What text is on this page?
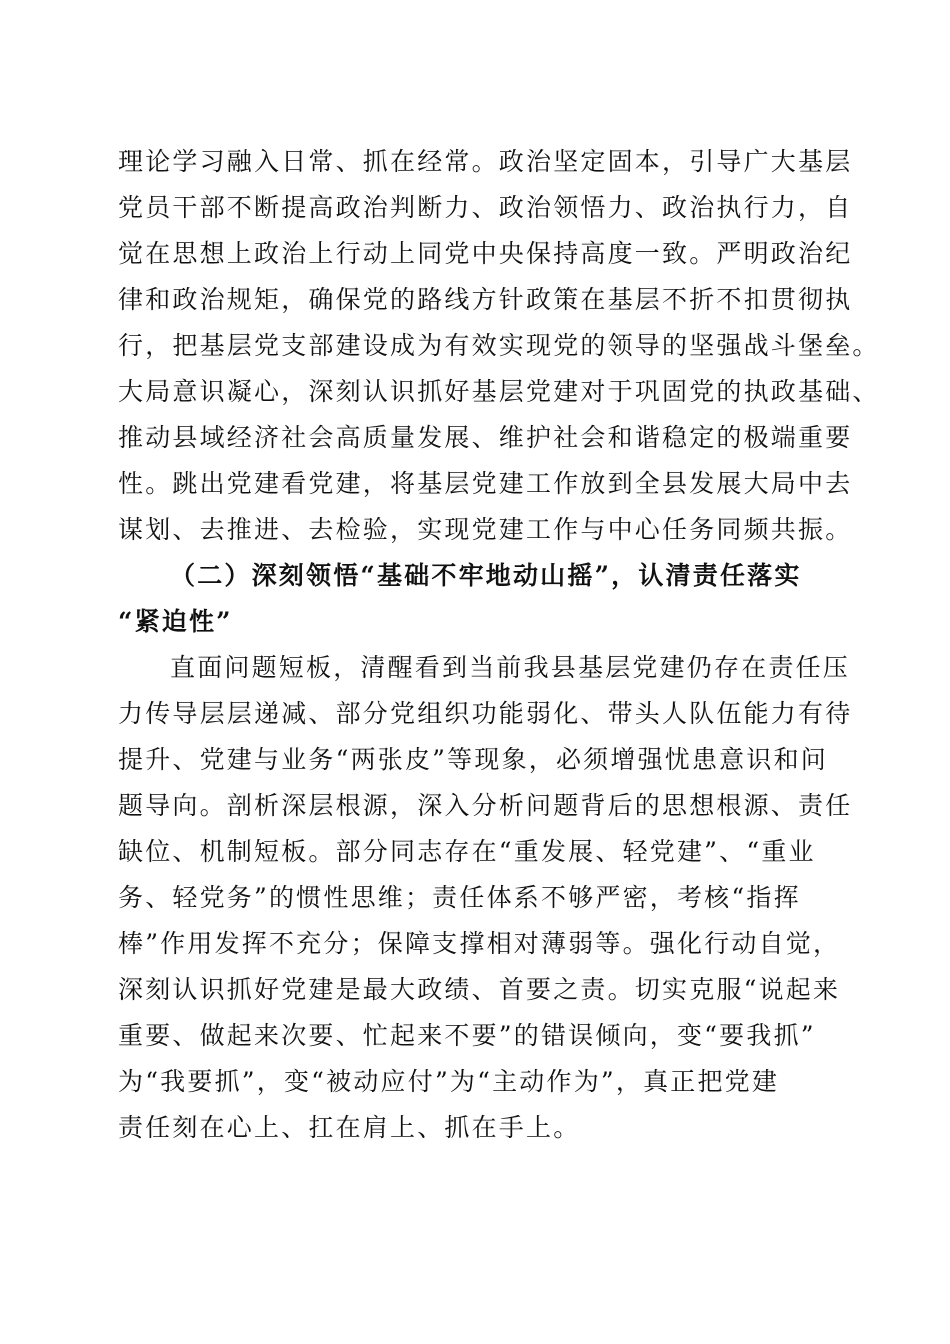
理论学习融入日常、抓在经常。政治坚定固本，引导广大基层
党员干部不断提高政治判断力、政治领悟力、政治执行力，自
觉在思想上政治上行动上同党中央保持高度一致。严明政治纪
律和政治规矩，确保党的路线方针政策在基层不折不扣贯彻执
行，把基层党支部建设成为有效实现党的领导的坚强战斗堡垒。
大局意识凝心，深刻认识抓好基层党建对于巩固党的执政基础、
推动县域经济社会高质量发展、维护社会和谐稳定的极端重要
性。跳出党建看党建，将基层党建工作放到全县发展大局中去
谋划、去推进、去检验，实现党建工作与中心任务同频共振。
（二）深刻领悟“基础不牢地动山摇”，认清责任落实
“紧迫性”
直面问题短板，清醒看到当前我县基层党建仍存在责任压
力传导层层递减、部分党组织功能弱化、带头人队伍能力有待
提升、党建与业务“两张皮”等现象，必须增强忧患意识和问
题导向。剖析深层根源，深入分析问题背后的思想根源、责任
缺位、机制短板。部分同志存在“重发展、轻党建”、“重业
务、轻党务”的惯性思维；责任体系不够严密，考核“指挥
棒”作用发挥不充分；保障支撑相对薄弱等。强化行动自觉，
深刻认识抓好党建是最大政绩、首要之责。切实克服“说起来
重要、做起来次要、忙起来不要”的错误倾向，变“要我抓”
为“我要抓”，变“被动应付”为“主动作为”，真正把党建
责任刻在心上、扛在肩上、抓在手上。
